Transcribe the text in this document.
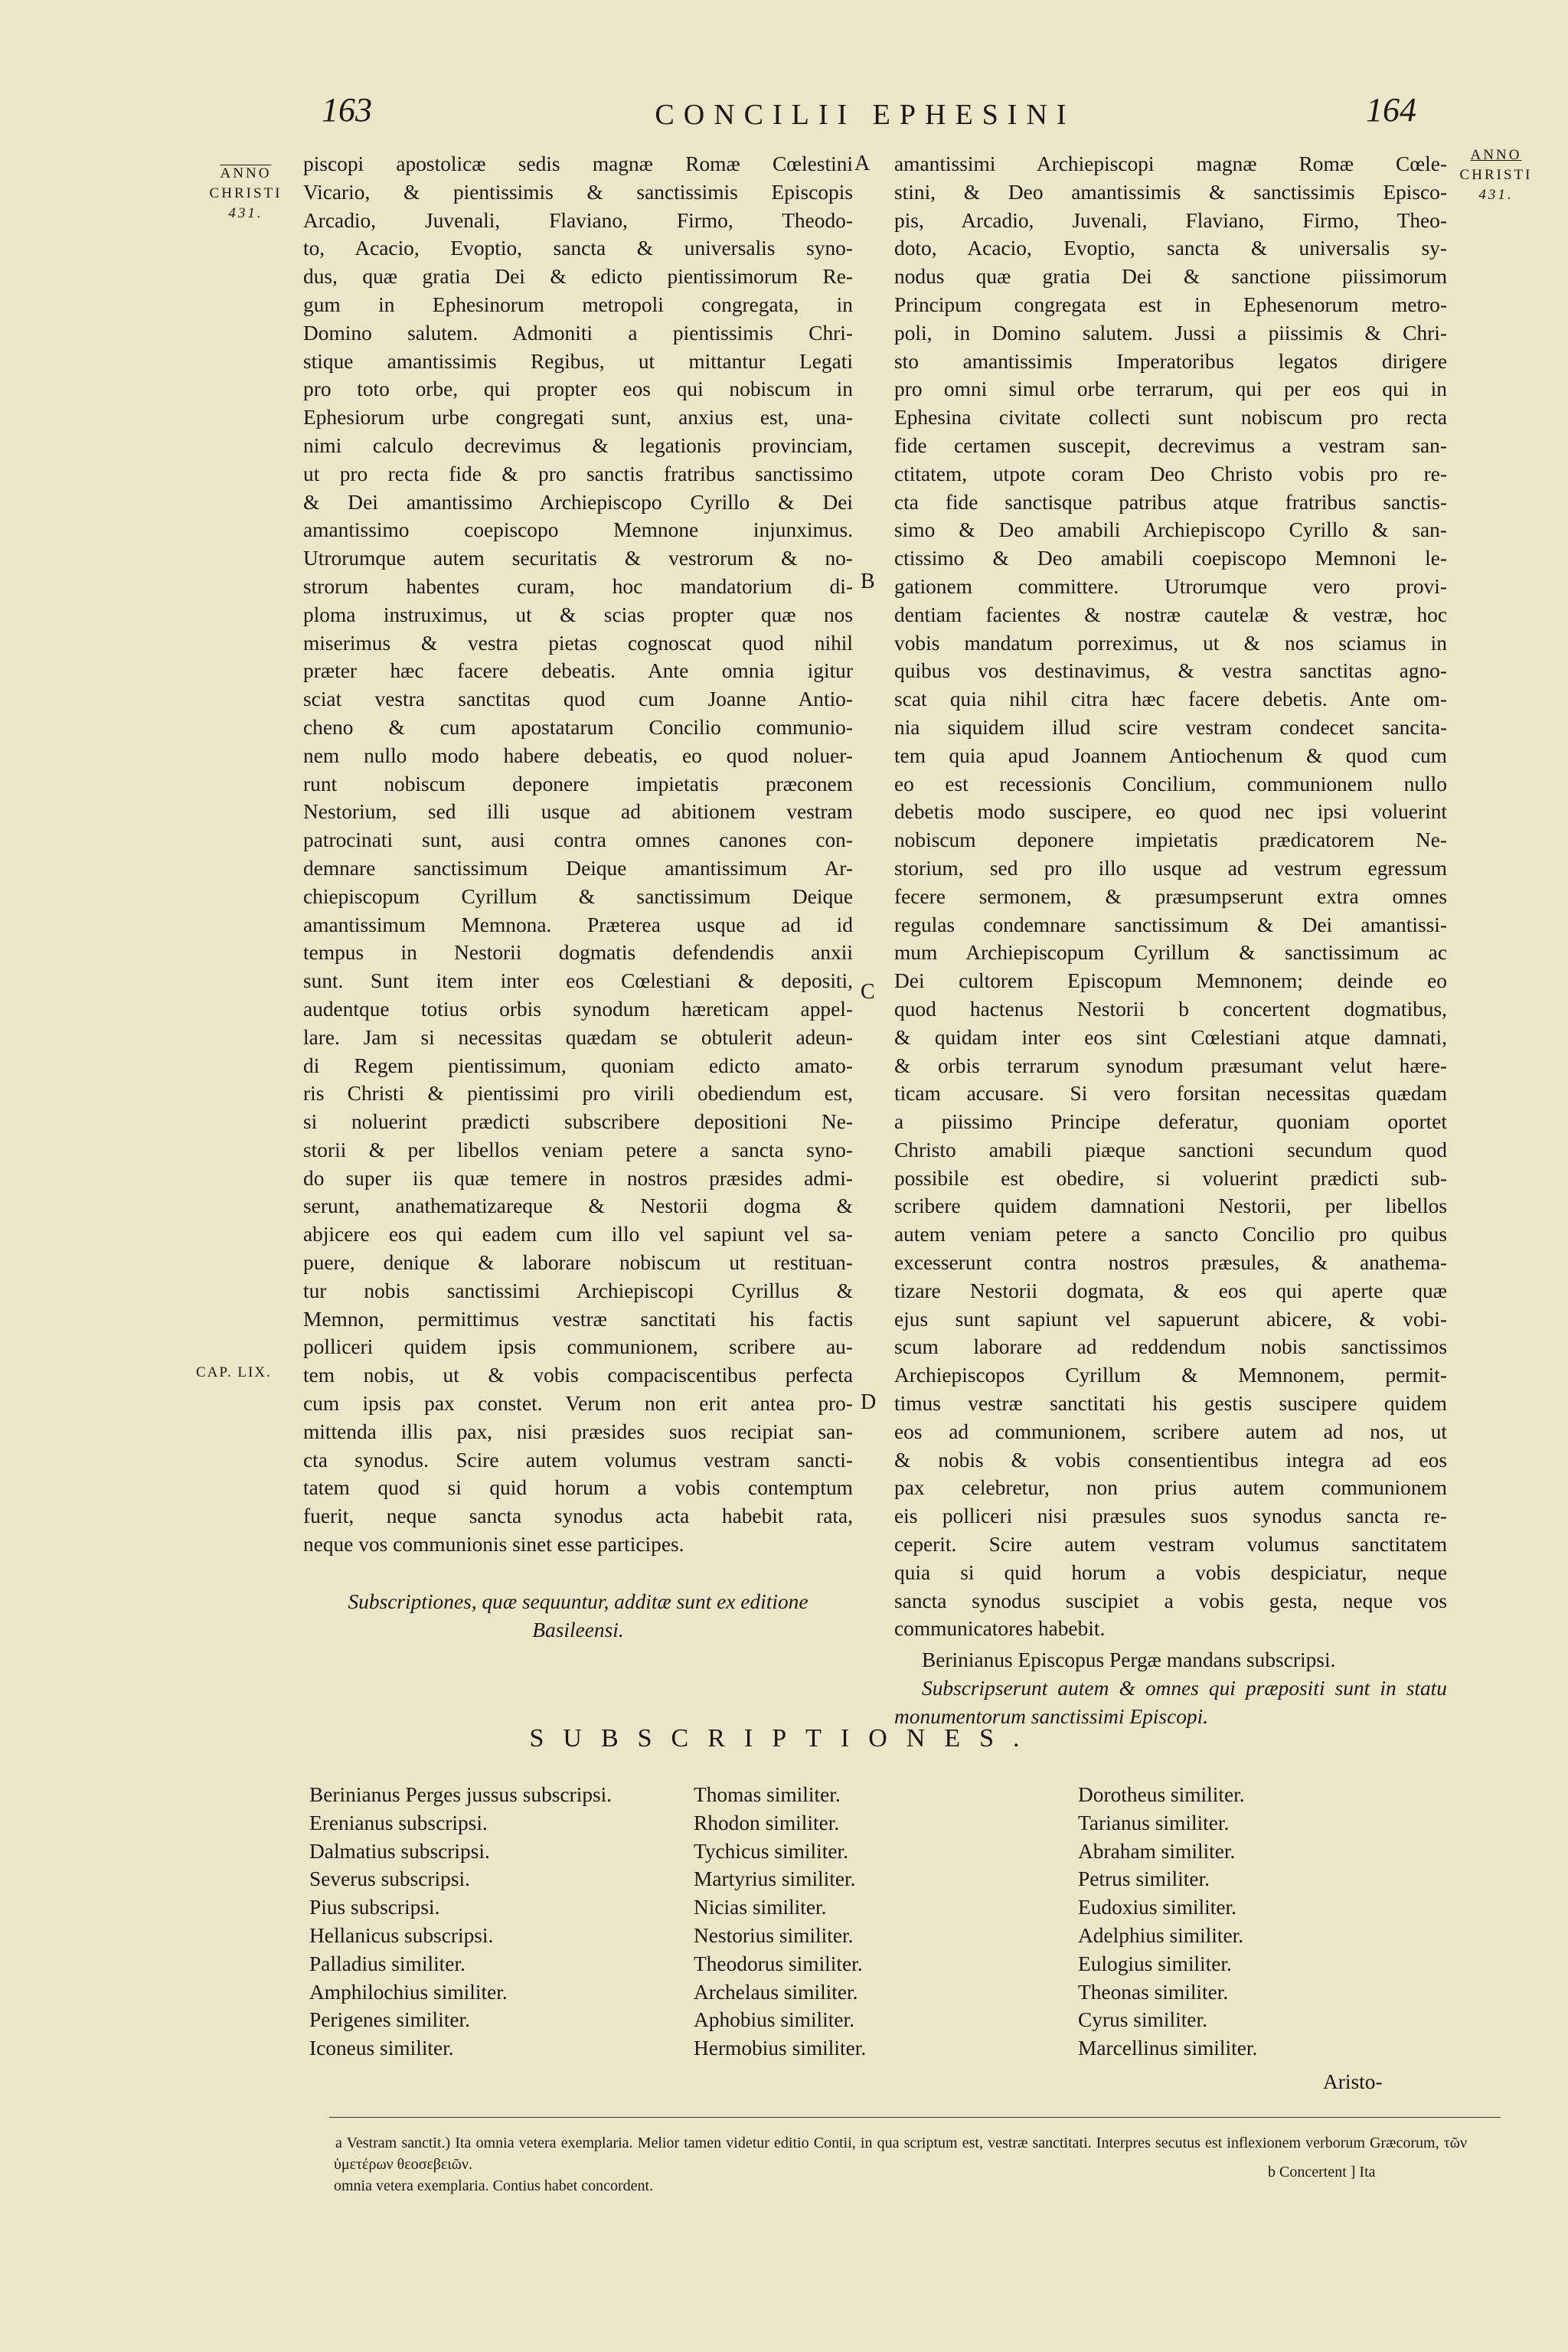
163	CONCILII EPHESINI	164
ANNO
CHRISTI
431.
ANNO
CHRISTI
431.
CAP. LIX.
A
B
C
D
piscopi apostolicæ sedis magnæ Romæ Cœlestini
Vicario, & pientissimis & sanctissimis Episcopis
Arcadio, Juvenali, Flaviano, Firmo, Theodo-
to, Acacio, Evoptio, sancta & universalis syno-
dus, quæ gratia Dei & edicto pientissimorum Re-
gum in Ephesinorum metropoli congregata, in
Domino salutem. Admoniti a pientissimis Chri-
stique amantissimis Regibus, ut mittantur Legati
pro toto orbe, qui propter eos qui nobiscum in
Ephesiorum urbe congregati sunt, anxius est, una-
nimi calculo decrevimus & legationis provinciam,
ut pro recta fide & pro sanctis fratribus sanctissimo
& Dei amantissimo Archiepiscopo Cyrillo & Dei
amantissimo coepiscopo Memnone injunximus.
Utrorumque autem securitatis & vestrorum & no-
strorum habentes curam, hoc mandatorium di-
ploma instruximus, ut & scias propter quæ nos
miserimus & vestra pietas cognoscat quod nihil
præter hæc facere debeatis. Ante omnia igitur
sciat vestra sanctitas quod cum Joanne Antio-
cheno & cum apostatarum Concilio communio-
nem nullo modo habere debeatis, eo quod noluer-
runt nobiscum deponere impietatis præconem
Nestorium, sed illi usque ad abitionem vestram
patrocinati sunt, ausi contra omnes canones con-
demnare sanctissimum Deique amantissimum Ar-
chiepiscopum Cyrillum & sanctissimum Deique
amantissimum Memnona. Præterea usque ad id
tempus in Nestorii dogmatis defendendis anxii
sunt. Sunt item inter eos Cœlestiani & depositi,
audentque totius orbis synodum hæreticam appel-
lare. Jam si necessitas quædam se obtulerit adeun-
di Regem pientissimum, quoniam edicto amato-
ris Christi & pientissimi pro virili obediendum est,
si noluerint prædicti subscribere depositioni Ne-
storii & per libellos veniam petere a sancta syno-
do super iis quæ temere in nostros præsides admi-
serunt, anathematizareque & Nestorii dogma &
abjicere eos qui eadem cum illo vel sapiunt vel sa-
puere, denique & laborare nobiscum ut restituan-
tur nobis sanctissimi Archiepiscopi Cyrillus &
Memnon, permittimus vestræ sanctitati his factis
polliceri quidem ipsis communionem, scribere au-
tem nobis, ut & vobis compaciscentibus perfecta
cum ipsis pax constet. Verum non erit antea pro-
mittenda illis pax, nisi præsides suos recipiat san-
cta synodus. Scire autem volumus vestram sancti-
tatem quod si quid horum a vobis contemptum
fuerit, neque sancta synodus acta habebit rata,
neque vos communionis sinet esse participes.

Subscriptiones, quæ sequuntur, additæ sunt ex editione Basileensi.

amantissimi Archiepiscopi magnæ Romæ Cœle-
stini, & Deo amantissimis & sanctissimis Episco-
pis, Arcadio, Juvenali, Flaviano, Firmo, Theo-
doto, Acacio, Evoptio, sancta & universalis sy-
nodus quæ gratia Dei & sanctione piissimorum
Principum congregata est in Ephesenorum metro-
poli, in Domino salutem. Jussi a piissimis & Chri-
sto amantissimis Imperatoribus legatos dirigere
pro omni simul orbe terrarum, qui per eos qui in
Ephesina civitate collecti sunt nobiscum pro recta
fide certamen suscepit, decrevimus a vestram san-
ctitatem, utpote coram Deo Christo vobis pro re-
cta fide sanctisque patribus atque fratribus sanctis-
simo & Deo amabili Archiepiscopo Cyrillo & san-
ctissimo & Deo amabili coepiscopo Memnoni le-
gationem committere. Utrorumque vero provi-
dentiam facientes & nostræ cautelæ & vestræ, hoc
vobis mandatum porreximus, ut & nos sciamus in
quibus vos destinavimus, & vestra sanctitas agno-
scat quia nihil citra hæc facere debetis. Ante om-
nia siquidem illud scire vestram condecet sancita-
tem quia apud Joannem Antiochenum & quod cum
eo est recessionis Concilium, communionem nullo
debetis modo suscipere, eo quod nec ipsi voluerint
nobiscum deponere impietatis prædicatorem Ne-
storium, sed pro illo usque ad vestrum egressum
fecere sermonem, & præsumpserunt extra omnes
regulas condemnare sanctissimum & Dei amantissi-
mum Archiepiscopum Cyrillum & sanctissimum ac
Dei cultorem Episcopum Memnonem; deinde eo
quod hactenus Nestorii b concertent dogmatibus,
& quidam inter eos sint Cœlestiani atque damnati,
& orbis terrarum synodum præsumant velut hære-
ticam accusare. Si vero forsitan necessitas quædam
a piissimo Principe deferatur, quoniam oportet
Christo amabili piæque sanctioni secundum quod
possibile est obedire, si voluerint prædicti sub-
scribere quidem damnationi Nestorii, per libellos
autem veniam petere a sancto Concilio pro quibus
excesserunt contra nostros præsules, & anathema-
tizare Nestorii dogmata, & eos qui aperte quæ
ejus sunt sapiunt vel sapuerunt abicere, & vobi-
scum laborare ad reddendum nobis sanctissimos
Archiepiscopos Cyrillum & Memnonem, permit-
timus vestræ sanctitati his gestis suscipere quidem
eos ad communionem, scribere autem ad nos, ut
& nobis & vobis consentientibus integra ad eos
pax celebretur, non prius autem communionem
eis polliceri nisi præsules suos synodus sancta re-
ceperit. Scire autem vestram volumus sanctitatem
quia si quid horum a vobis despiciatur, neque
sancta synodus suscipiet a vobis gesta, neque vos
communicatores habebit.

Berinianus Episcopus Pergæ mandans subscripsi.

Subscripserunt autem & omnes qui præpositi sunt in statu monumentorum sanctissimi Episcopi.

SUBSCRIPTIONES.
Berinianus Perges jussus subscripsi.
Erenianus subscripsi.
Dalmatius subscripsi.
Severus subscripsi.
Pius subscripsi.
Hellanicus subscripsi.
Palladius similiter.
Amphilochius similiter.
Perigenes similiter.
Iconeus similiter.
Thomas similiter.
Rhodon similiter.
Tychicus similiter.
Martyrius similiter.
Nicias similiter.
Nestorius similiter.
Theodorus similiter.
Archelaus similiter.
Aphobius similiter.
Hermobius similiter.
Dorotheus similiter.
Tarianus similiter.
Abraham similiter.
Petrus similiter.
Eudoxius similiter.
Adelphius similiter.
Eulogius similiter.
Theonas similiter.
Cyrus similiter.
Marcellinus similiter.
Aristo-

a Vestram sanctit.) Ita omnia vetera exemplaria. Melior tamen videtur editio Contii, in qua scriptum est, vestræ sanctitati. Interpres secutus est inflexionem verborum Græcorum, τῶν ὑμετέρων θεοσεβειῶν.

omnia vetera exemplaria. Contius habet concordent.

b Concertent ] Ita
